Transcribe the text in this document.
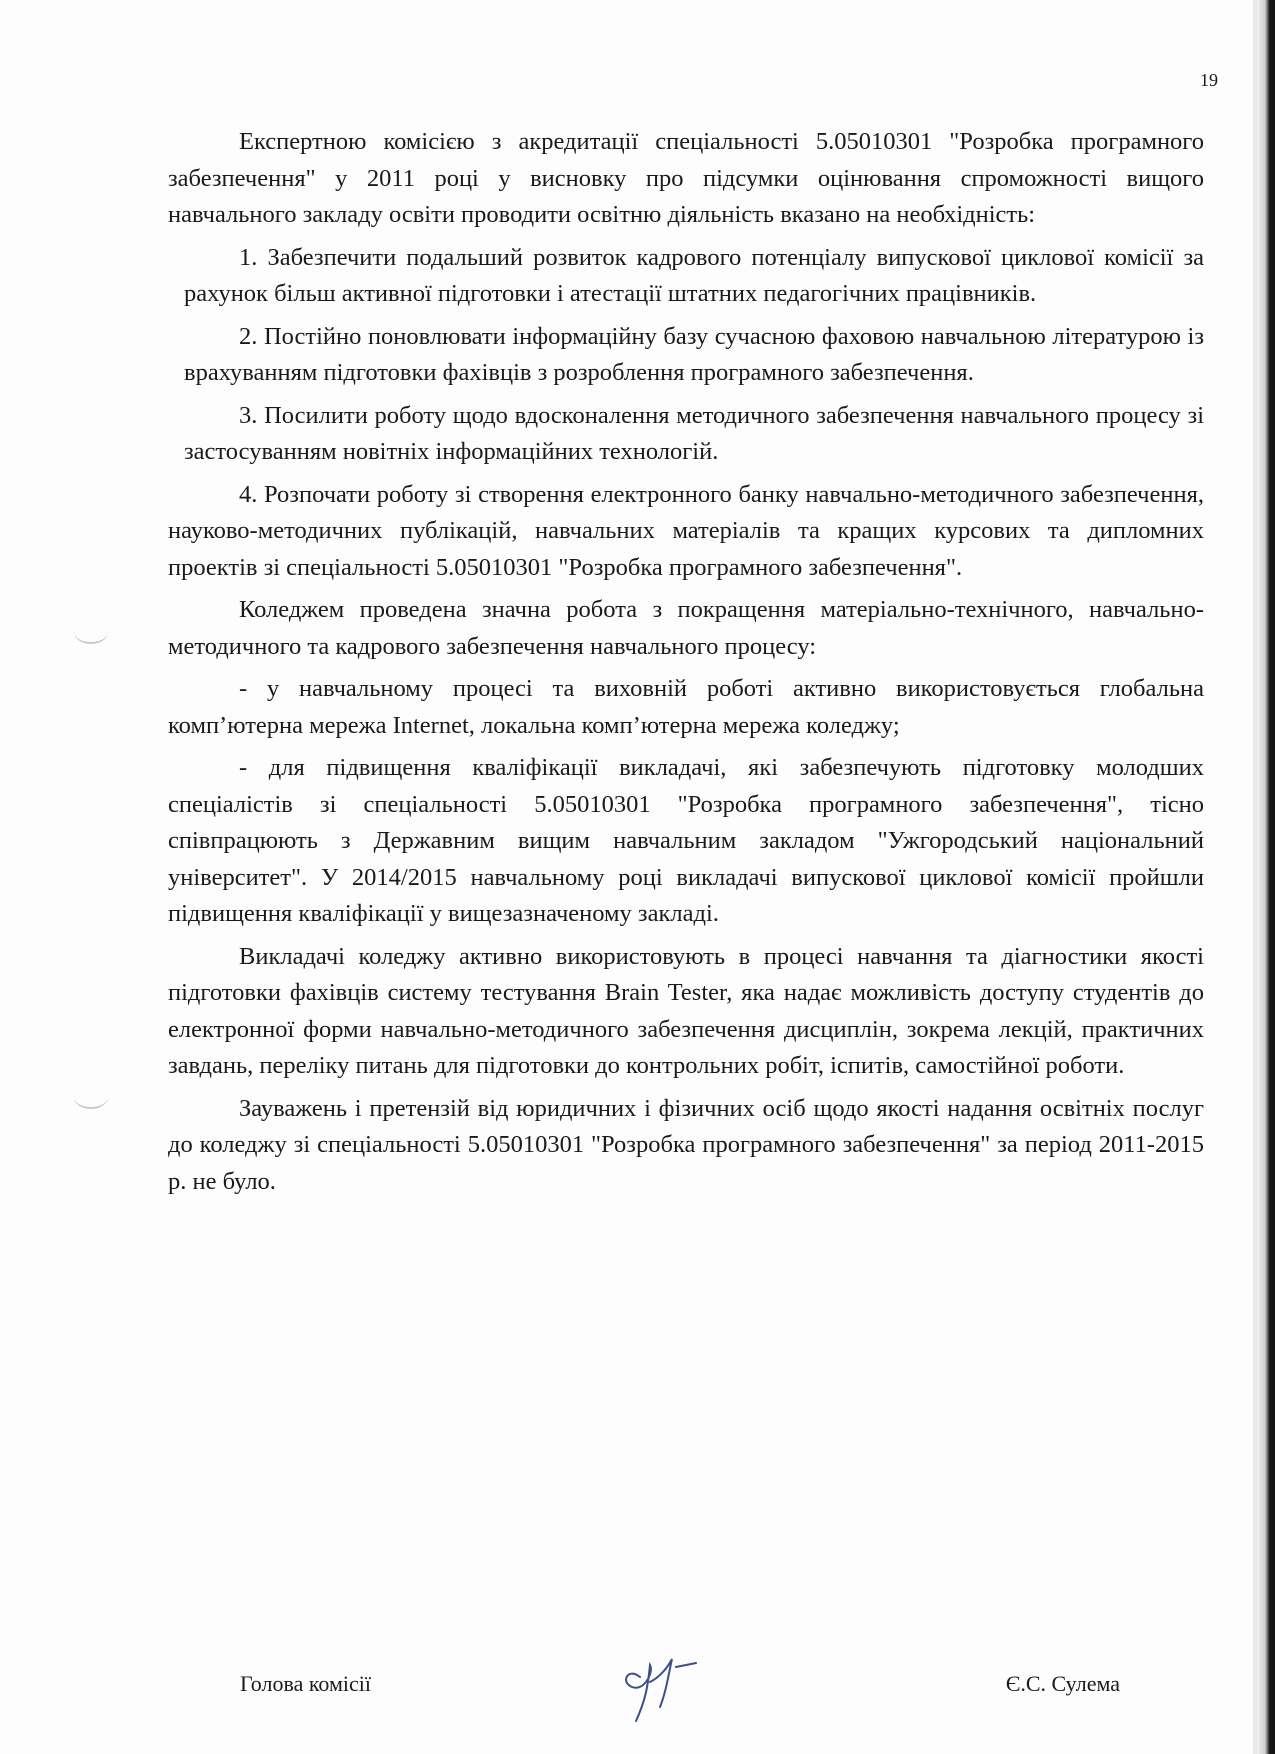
19

Експертною комісією з акредитації спеціальності 5.05010301 "Розробка програмного забезпечення" у 2011 році у висновку про підсумки оцінювання спроможності вищого навчального закладу освіти проводити освітню діяльність вказано на необхідність:

1. Забезпечити подальший розвиток кадрового потенціалу випускової циклової комісії за рахунок більш активної підготовки і атестації штатних педагогічних працівників.

2. Постійно поновлювати інформаційну базу сучасною фаховою навчальною літературою із врахуванням підготовки фахівців з розроблення програмного забезпечення.

3. Посилити роботу щодо вдосконалення методичного забезпечення навчального процесу зі застосуванням новітніх інформаційних технологій.

4. Розпочати роботу зі створення електронного банку навчально-методичного забезпечення, науково-методичних публікацій, навчальних матеріалів та кращих курсових та дипломних проектів зі спеціальності 5.05010301 "Розробка програмного забезпечення".

Коледжем проведена значна робота з покращення матеріально-технічного, навчально-методичного та кадрового забезпечення навчального процесу:

- у навчальному процесі та виховній роботі активно використовується глобальна комп’ютерна мережа Internet, локальна комп’ютерна мережа коледжу;

- для підвищення кваліфікації викладачі, які забезпечують підготовку молодших спеціалістів зі спеціальності 5.05010301 "Розробка програмного забезпечення", тісно співпрацюють з Державним вищим навчальним закладом "Ужгородський національний університет". У 2014/2015 навчальному році викладачі випускової циклової комісії пройшли підвищення кваліфікації у вищезазначеному закладі.

Викладачі коледжу активно використовують в процесі навчання та діагностики якості підготовки фахівців систему тестування Brain Tester, яка надає можливість доступу студентів до електронної форми навчально-методичного забезпечення дисциплін, зокрема лекцій, практичних завдань, переліку питань для підготовки до контрольних робіт, іспитів, самостійної роботи.

Зауважень і претензій від юридичних і фізичних осіб щодо якості надання освітніх послуг до коледжу зі спеціальності 5.05010301 "Розробка програмного забезпечення" за період 2011-2015 р. не було.

Голова комісії	Є.С. Сулема
